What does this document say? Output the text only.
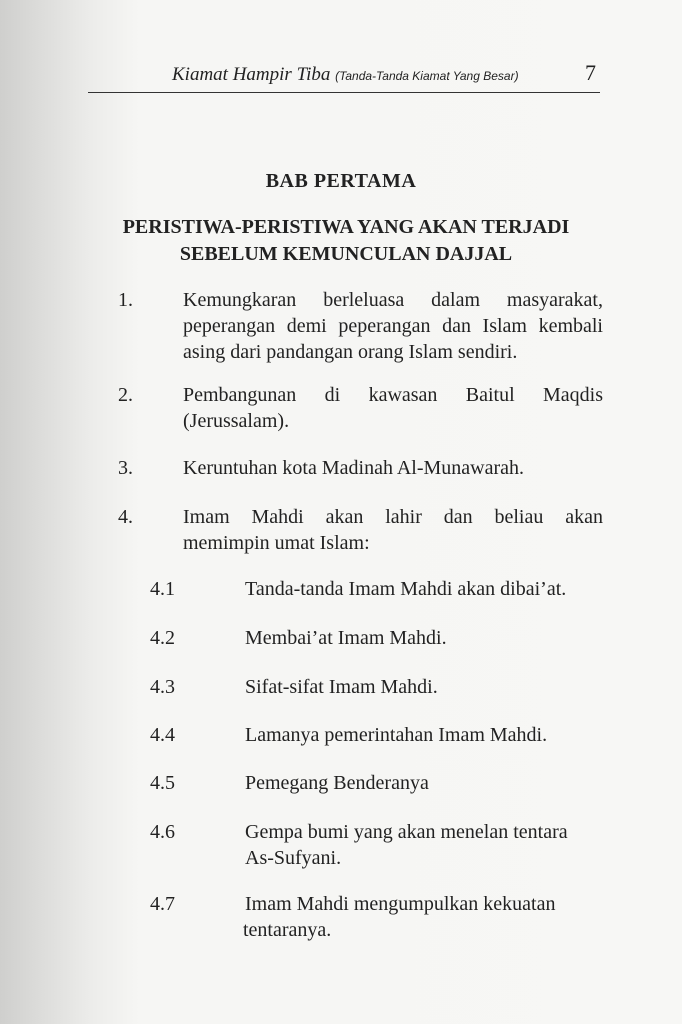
Kiamat Hampir Tiba (Tanda-Tanda Kiamat Yang Besar)	7
BAB PERTAMA
PERISTIWA-PERISTIWA YANG AKAN TERJADI
SEBELUM KEMUNCULAN DAJJAL
1.	Kemungkaran berleluasa dalam masyarakat,
peperangan demi peperangan dan Islam kembali
asing dari pandangan orang Islam sendiri.
2.	Pembangunan di kawasan Baitul Maqdis
(Jerussalam).
3.	Keruntuhan kota Madinah Al-Munawarah.
4.	Imam Mahdi akan lahir dan beliau akan
memimpin umat Islam:
4.1	Tanda-tanda Imam Mahdi akan dibai’at.
4.2	Membai’at Imam Mahdi.
4.3	Sifat-sifat Imam Mahdi.
4.4	Lamanya pemerintahan Imam Mahdi.
4.5	Pemegang Benderanya
4.6	Gempa bumi yang akan menelan tentara
As-Sufyani.
4.7	Imam Mahdi mengumpulkan kekuatan
tentaranya.
